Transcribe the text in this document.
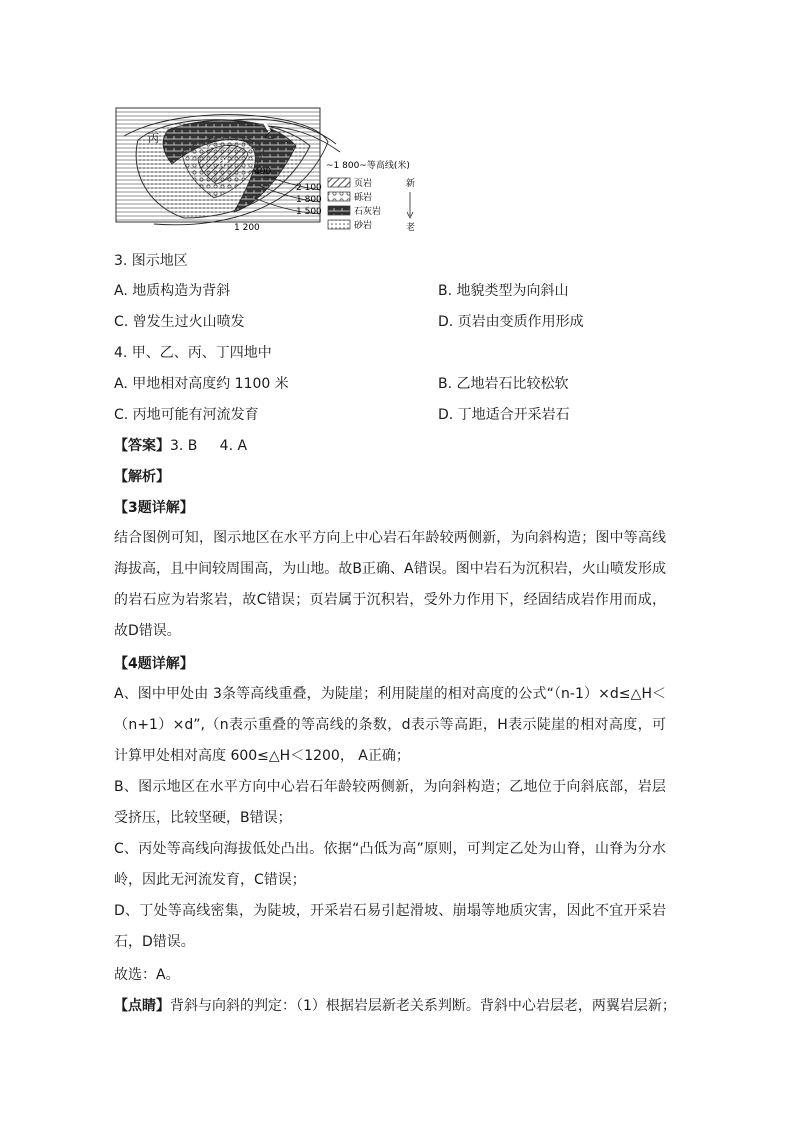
丙
甲
乙
400
2 100
1 800
1 500
1 200
~1 800~等高线(米)
页岩
砾岩
石灰岩
砂岩
新
老
3. 图示地区
A. 地质构造为背斜	B. 地貌类型为向斜山
C. 曾发生过火山喷发	D. 页岩由变质作用形成
4. 甲、乙、丙、丁四地中
A. 甲地相对高度约 1100 米	B. 乙地岩石比较松软
C. 丙地可能有河流发育	D. 丁地适合开采岩石
【答案】3. B     4. A
【解析】
【3题详解】
结合图例可知，图示地区在水平方向上中心岩石年龄较两侧新，为向斜构造；图中等高线海拔高，且中间较周围高，为山地。故B正确、A错误。图中岩石为沉积岩，火山喷发形成的岩石应为岩浆岩，故C错误；页岩属于沉积岩，受外力作用下，经固结成岩作用而成，故D错误。
【4题详解】
A、图中甲处由 3条等高线重叠，为陡崖；利用陡崖的相对高度的公式“（n-1）×d≤△H＜（n+1）×d”,（n表示重叠的等高线的条数，d表示等高距，H表示陡崖的相对高度，可计算甲处相对高度 600≤△H＜1200， A正确；
B、图示地区在水平方向中心岩石年龄较两侧新，为向斜构造；乙地位于向斜底部，岩层受挤压，比较坚硬，B错误；
C、丙处等高线向海拔低处凸出。依据“凸低为高”原则，可判定乙处为山脊，山脊为分水岭，因此无河流发育，C错误；
D、丁处等高线密集，为陡坡，开采岩石易引起滑坡、崩塌等地质灾害，因此不宜开采岩石，D错误。
故选：A。
【点睛】背斜与向斜的判定：（1）根据岩层新老关系判断。背斜中心岩层老，两翼岩层新；
